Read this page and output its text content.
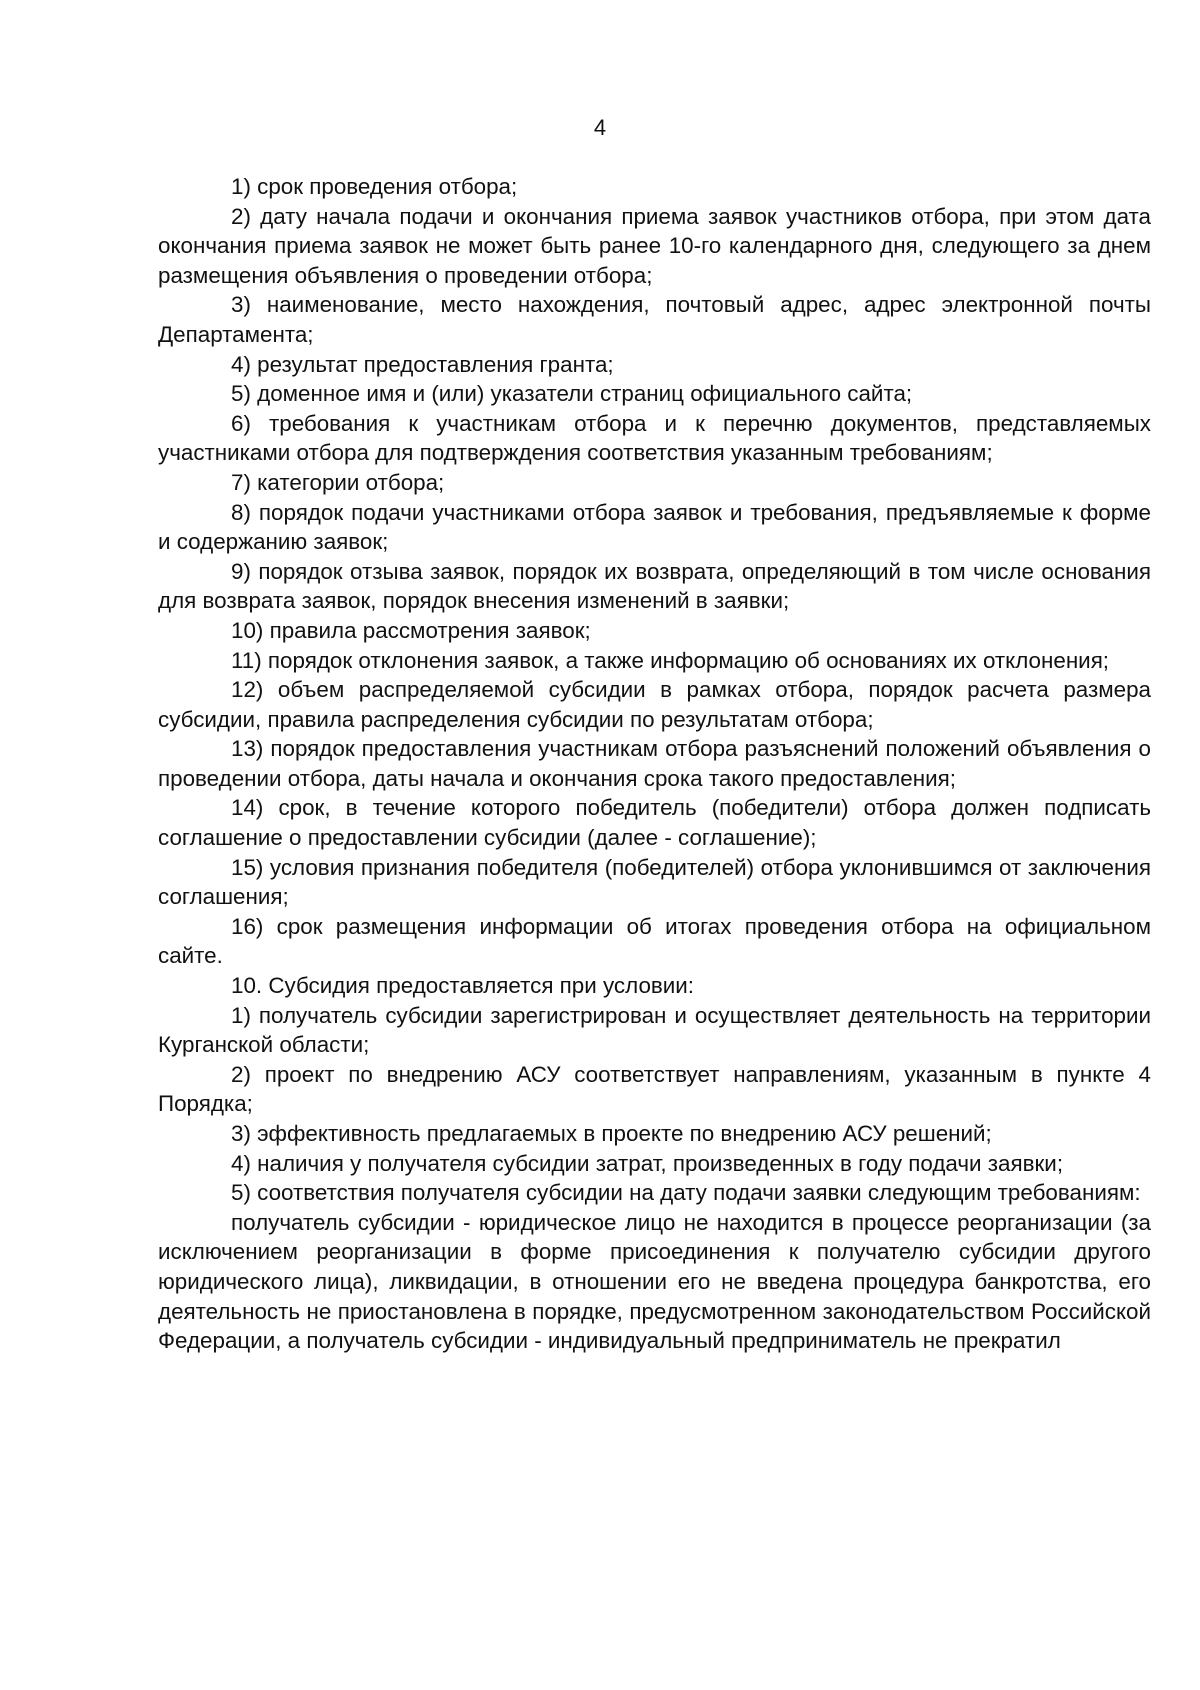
4

1) срок проведения отбора;

2) дату начала подачи и окончания приема заявок участников отбора, при этом дата окончания приема заявок не может быть ранее 10-го календарного дня, следующего за днем размещения объявления о проведении отбора;

3) наименование, место нахождения, почтовый адрес, адрес электронной почты Департамента;

4) результат предоставления гранта;

5) доменное имя и (или) указатели страниц официального сайта;

6) требования к участникам отбора и к перечню документов, представляемых участниками отбора для подтверждения соответствия указанным требованиям;

7) категории отбора;

8) порядок подачи участниками отбора заявок и требования, предъявляемые к форме и содержанию заявок;

9) порядок отзыва заявок, порядок их возврата, определяющий в том числе основания для возврата заявок, порядок внесения изменений в заявки;

10) правила рассмотрения заявок;

11) порядок отклонения заявок, а также информацию об основаниях их отклонения;

12) объем распределяемой субсидии в рамках отбора, порядок расчета размера субсидии, правила распределения субсидии по результатам отбора;

13) порядок предоставления участникам отбора разъяснений положений объявления о проведении отбора, даты начала и окончания срока такого предоставления;

14) срок, в течение которого победитель (победители) отбора должен подписать соглашение о предоставлении субсидии (далее - соглашение);

15) условия признания победителя (победителей) отбора уклонившимся от заключения соглашения;

16) срок размещения информации об итогах проведения отбора на официальном сайте.

10. Субсидия предоставляется при условии:

1) получатель субсидии зарегистрирован и осуществляет деятельность на территории Курганской области;

2) проект по внедрению АСУ соответствует направлениям, указанным в пункте 4 Порядка;

3) эффективность предлагаемых в проекте по внедрению АСУ решений;

4) наличия у получателя субсидии затрат, произведенных в году подачи заявки;

5) соответствия получателя субсидии на дату подачи заявки следующим требованиям:

получатель субсидии - юридическое лицо не находится в процессе реорганизации (за исключением реорганизации в форме присоединения к получателю субсидии другого юридического лица), ликвидации, в отношении его не введена процедура банкротства, его деятельность не приостановлена в порядке, предусмотренном законодательством Российской Федерации, а получатель субсидии - индивидуальный предприниматель не прекратил
